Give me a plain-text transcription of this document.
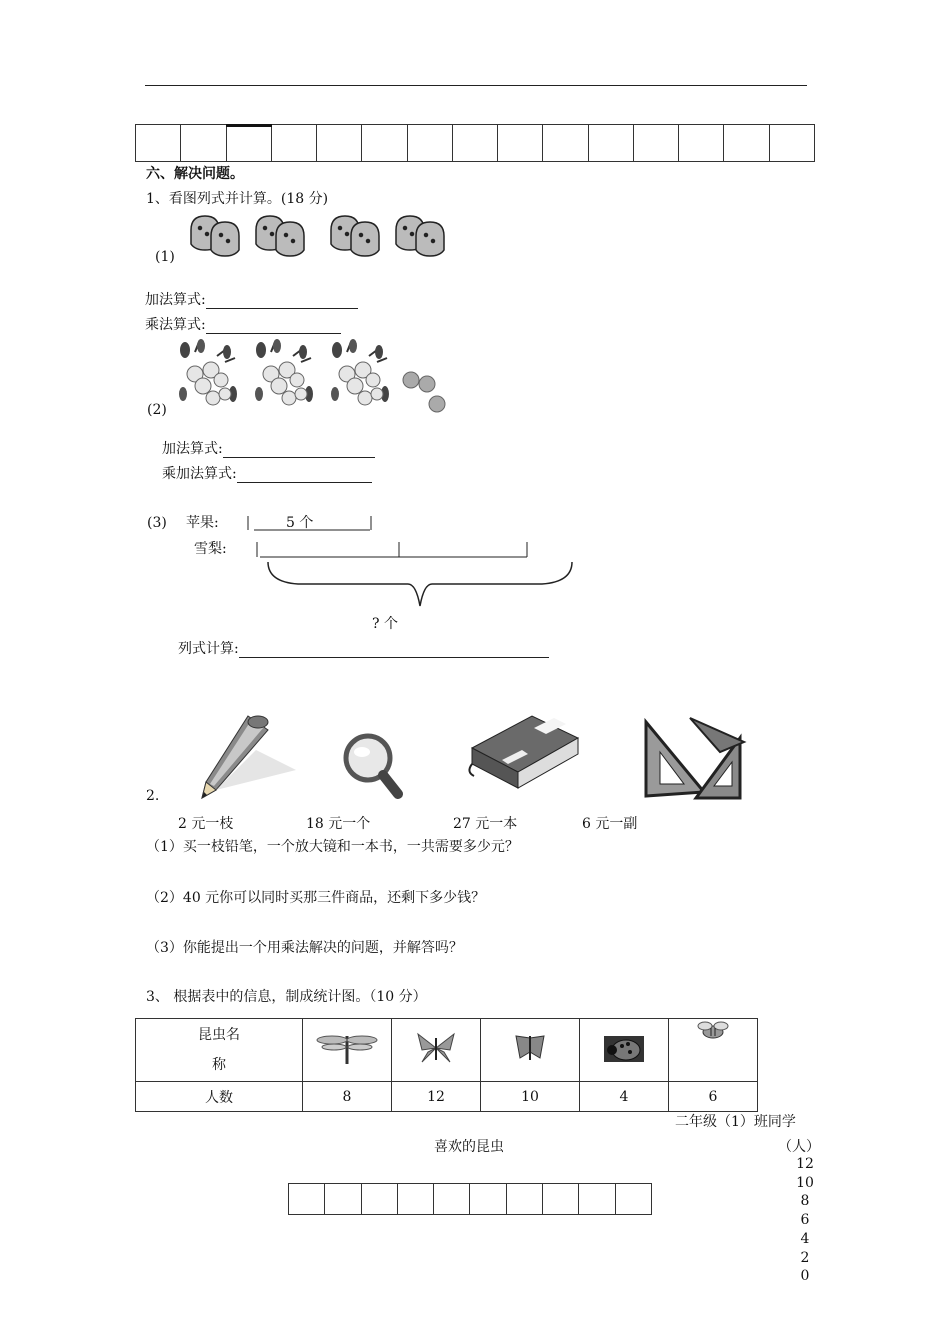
六、解决问题。
1、看图列式并计算。(18 分)
(1)
加法算式:
乘法算式:
(2)
加法算式:
乘加法算式:
(3) 苹果:	5 个
雪梨:
? 个
列式计算:
2.
2 元一枝	18 元一个	27 元一本	6 元一副
（1）买一枝铅笔，一个放大镜和一本书，一共需要多少元？
（2）40 元你可以同时买那三件商品，还剩下多少钱？
（3）你能提出一个用乘法解决的问题，并解答吗？
3、 根据表中的信息，制成统计图。（10 分）
昆虫名
称					
人数	8	12	10	4	6
二年级（1）班同学
喜欢的昆虫	（人）
12
10
8
6
4
2
0
